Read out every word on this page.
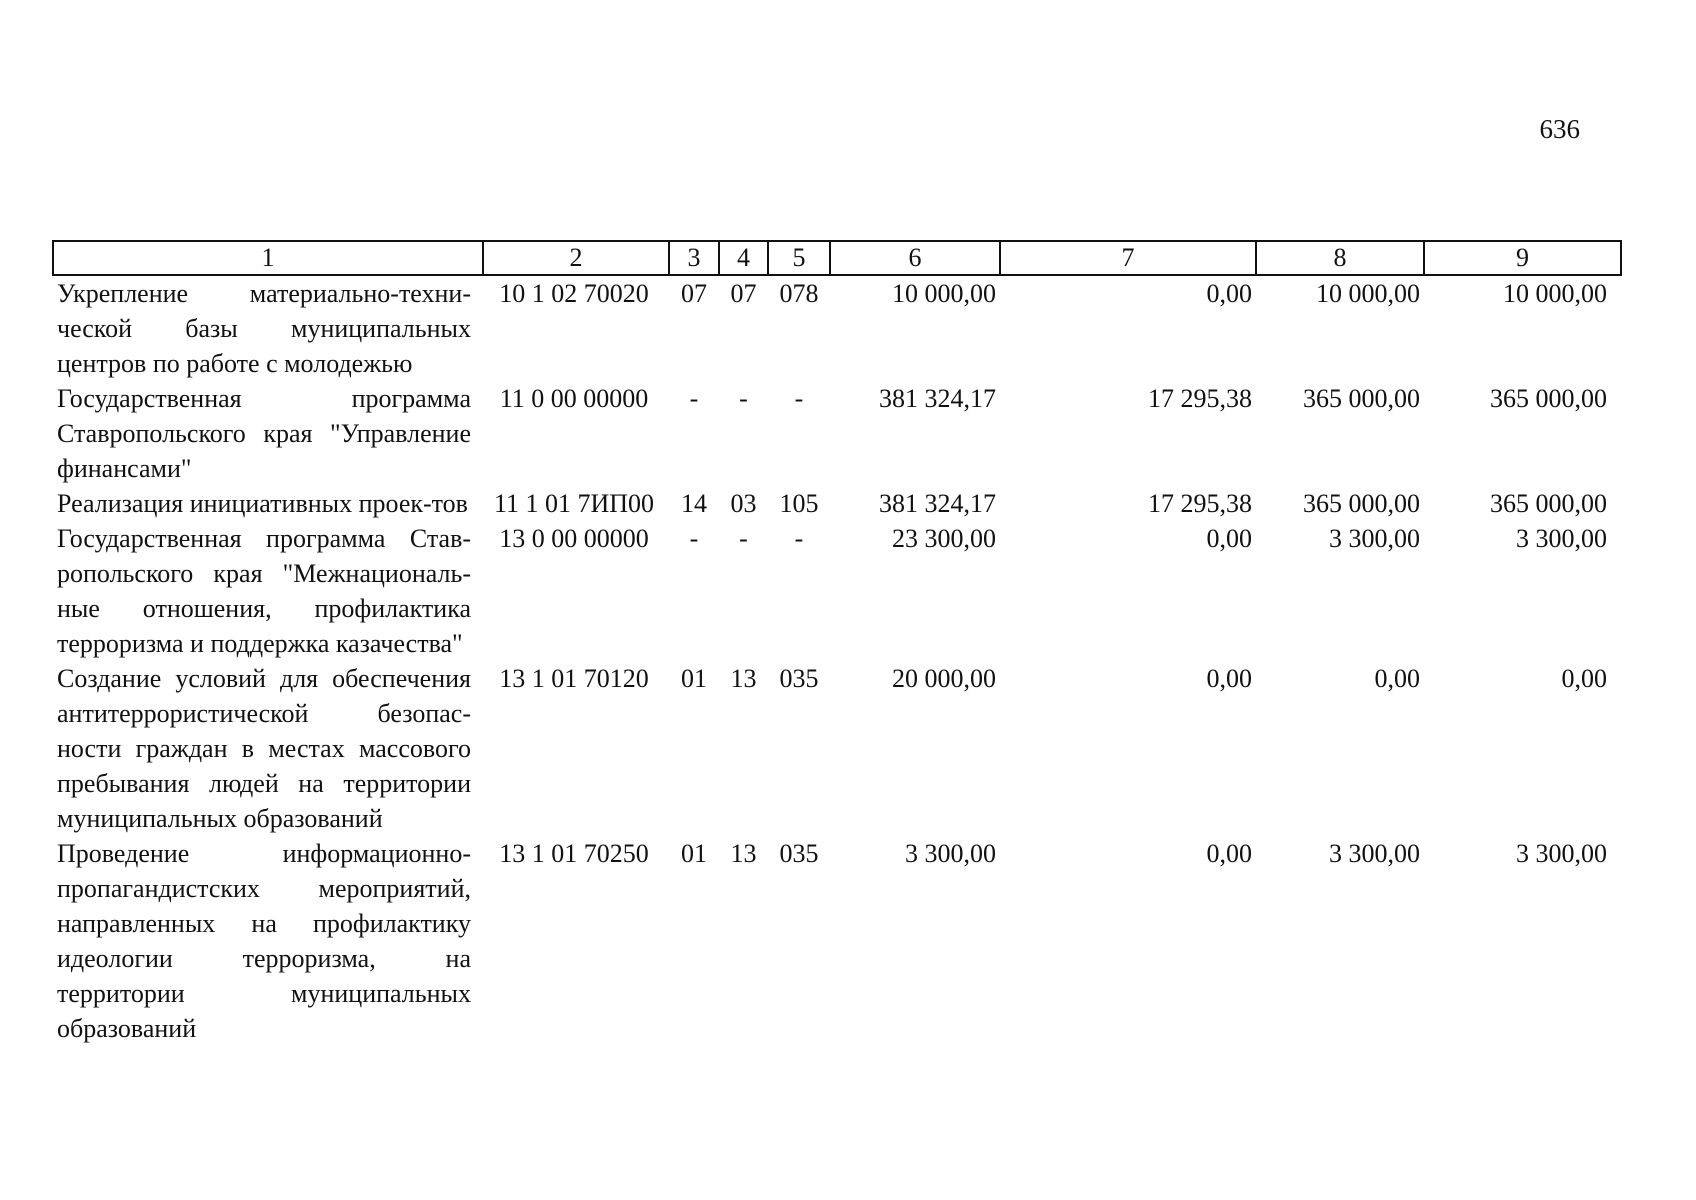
636
1	2	3	4	5	6	7	8	9
Укрепление материально-техни-ческой базы муниципальных центров по работе с молодежью	10 1 02 70020	07	07	078	10 000,00	0,00	10 000,00	10 000,00
Государственная программа Ставропольского края "Управление финансами"	11 0 00 00000	-	-	-	381 324,17	17 295,38	365 000,00	365 000,00
Реализация инициативных проек-тов	11 1 01 7ИП00	14	03	105	381 324,17	17 295,38	365 000,00	365 000,00
Государственная программа Став-ропольского края "Межнациональ-ные отношения, профилактика терроризма и поддержка казачества"	13 0 00 00000	-	-	-	23 300,00	0,00	3 300,00	3 300,00
Создание условий для обеспечения антитеррористической безопас-ности граждан в местах массового пребывания людей на территории муниципальных образований	13 1 01 70120	01	13	035	20 000,00	0,00	0,00	0,00
Проведение информационно-пропагандистских мероприятий, направленных на профилактику идеологии терроризма, на территории муниципальных образований	13 1 01 70250	01	13	035	3 300,00	0,00	3 300,00	3 300,00
